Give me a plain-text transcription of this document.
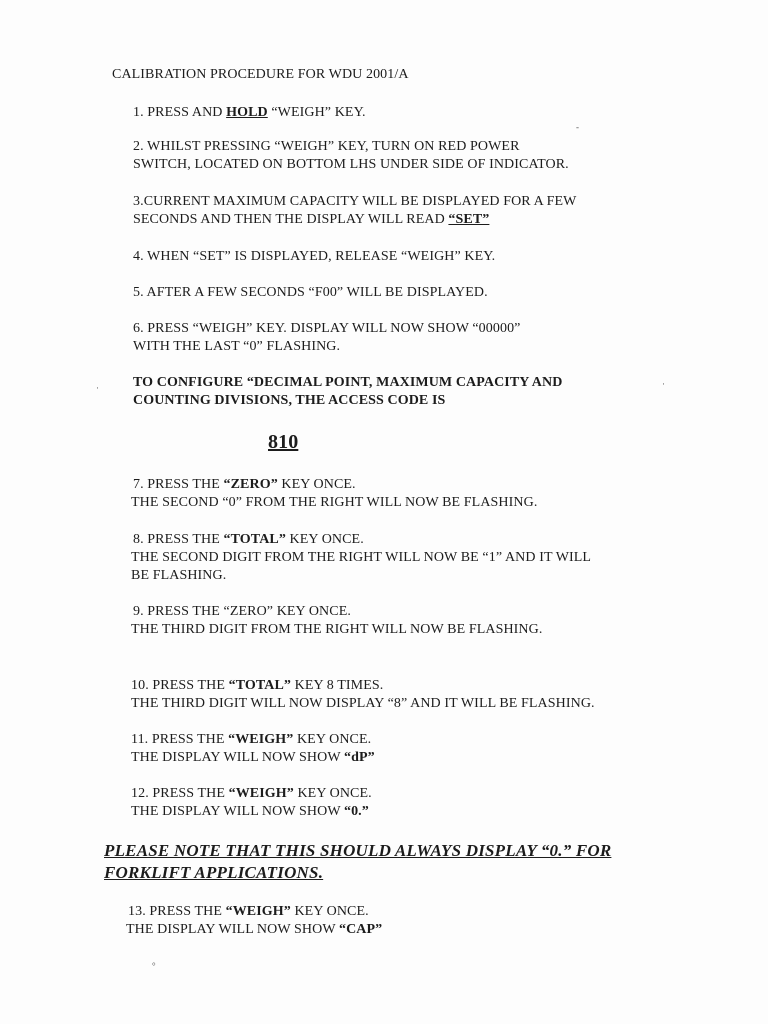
CALIBRATION PROCEDURE FOR WDU 2001/A
1. PRESS AND HOLD “WEIGH” KEY.
2. WHILST PRESSING “WEIGH” KEY, TURN ON RED POWER
SWITCH, LOCATED ON BOTTOM LHS UNDER SIDE OF INDICATOR.
3.CURRENT MAXIMUM CAPACITY WILL BE DISPLAYED FOR A FEW
SECONDS AND THEN THE DISPLAY WILL READ “SET”
4. WHEN “SET” IS DISPLAYED, RELEASE “WEIGH” KEY.
5. AFTER A FEW SECONDS “F00” WILL BE DISPLAYED.
6. PRESS “WEIGH” KEY. DISPLAY WILL NOW SHOW “00000”
WITH THE LAST “0” FLASHING.
TO CONFIGURE “DECIMAL POINT, MAXIMUM CAPACITY AND
COUNTING DIVISIONS, THE ACCESS CODE IS
810
7. PRESS THE “ZERO” KEY ONCE.
THE SECOND “0” FROM THE RIGHT WILL NOW BE FLASHING.
8. PRESS THE “TOTAL” KEY ONCE.
THE SECOND DIGIT FROM THE RIGHT WILL NOW BE “1” AND IT WILL
BE FLASHING.
9. PRESS THE “ZERO” KEY ONCE.
THE THIRD DIGIT FROM THE RIGHT WILL NOW BE FLASHING.
10. PRESS THE “TOTAL” KEY 8 TIMES.
THE THIRD DIGIT WILL NOW DISPLAY “8” AND IT WILL BE FLASHING.
11. PRESS THE “WEIGH” KEY ONCE.
THE DISPLAY WILL NOW SHOW “dP”
12. PRESS THE “WEIGH” KEY ONCE.
THE DISPLAY WILL NOW SHOW “0.”
PLEASE NOTE THAT THIS SHOULD ALWAYS DISPLAY “0.” FOR
FORKLIFT APPLICATIONS.
13. PRESS THE “WEIGH” KEY ONCE.
THE DISPLAY WILL NOW SHOW “CAP”
-
·	·
°
